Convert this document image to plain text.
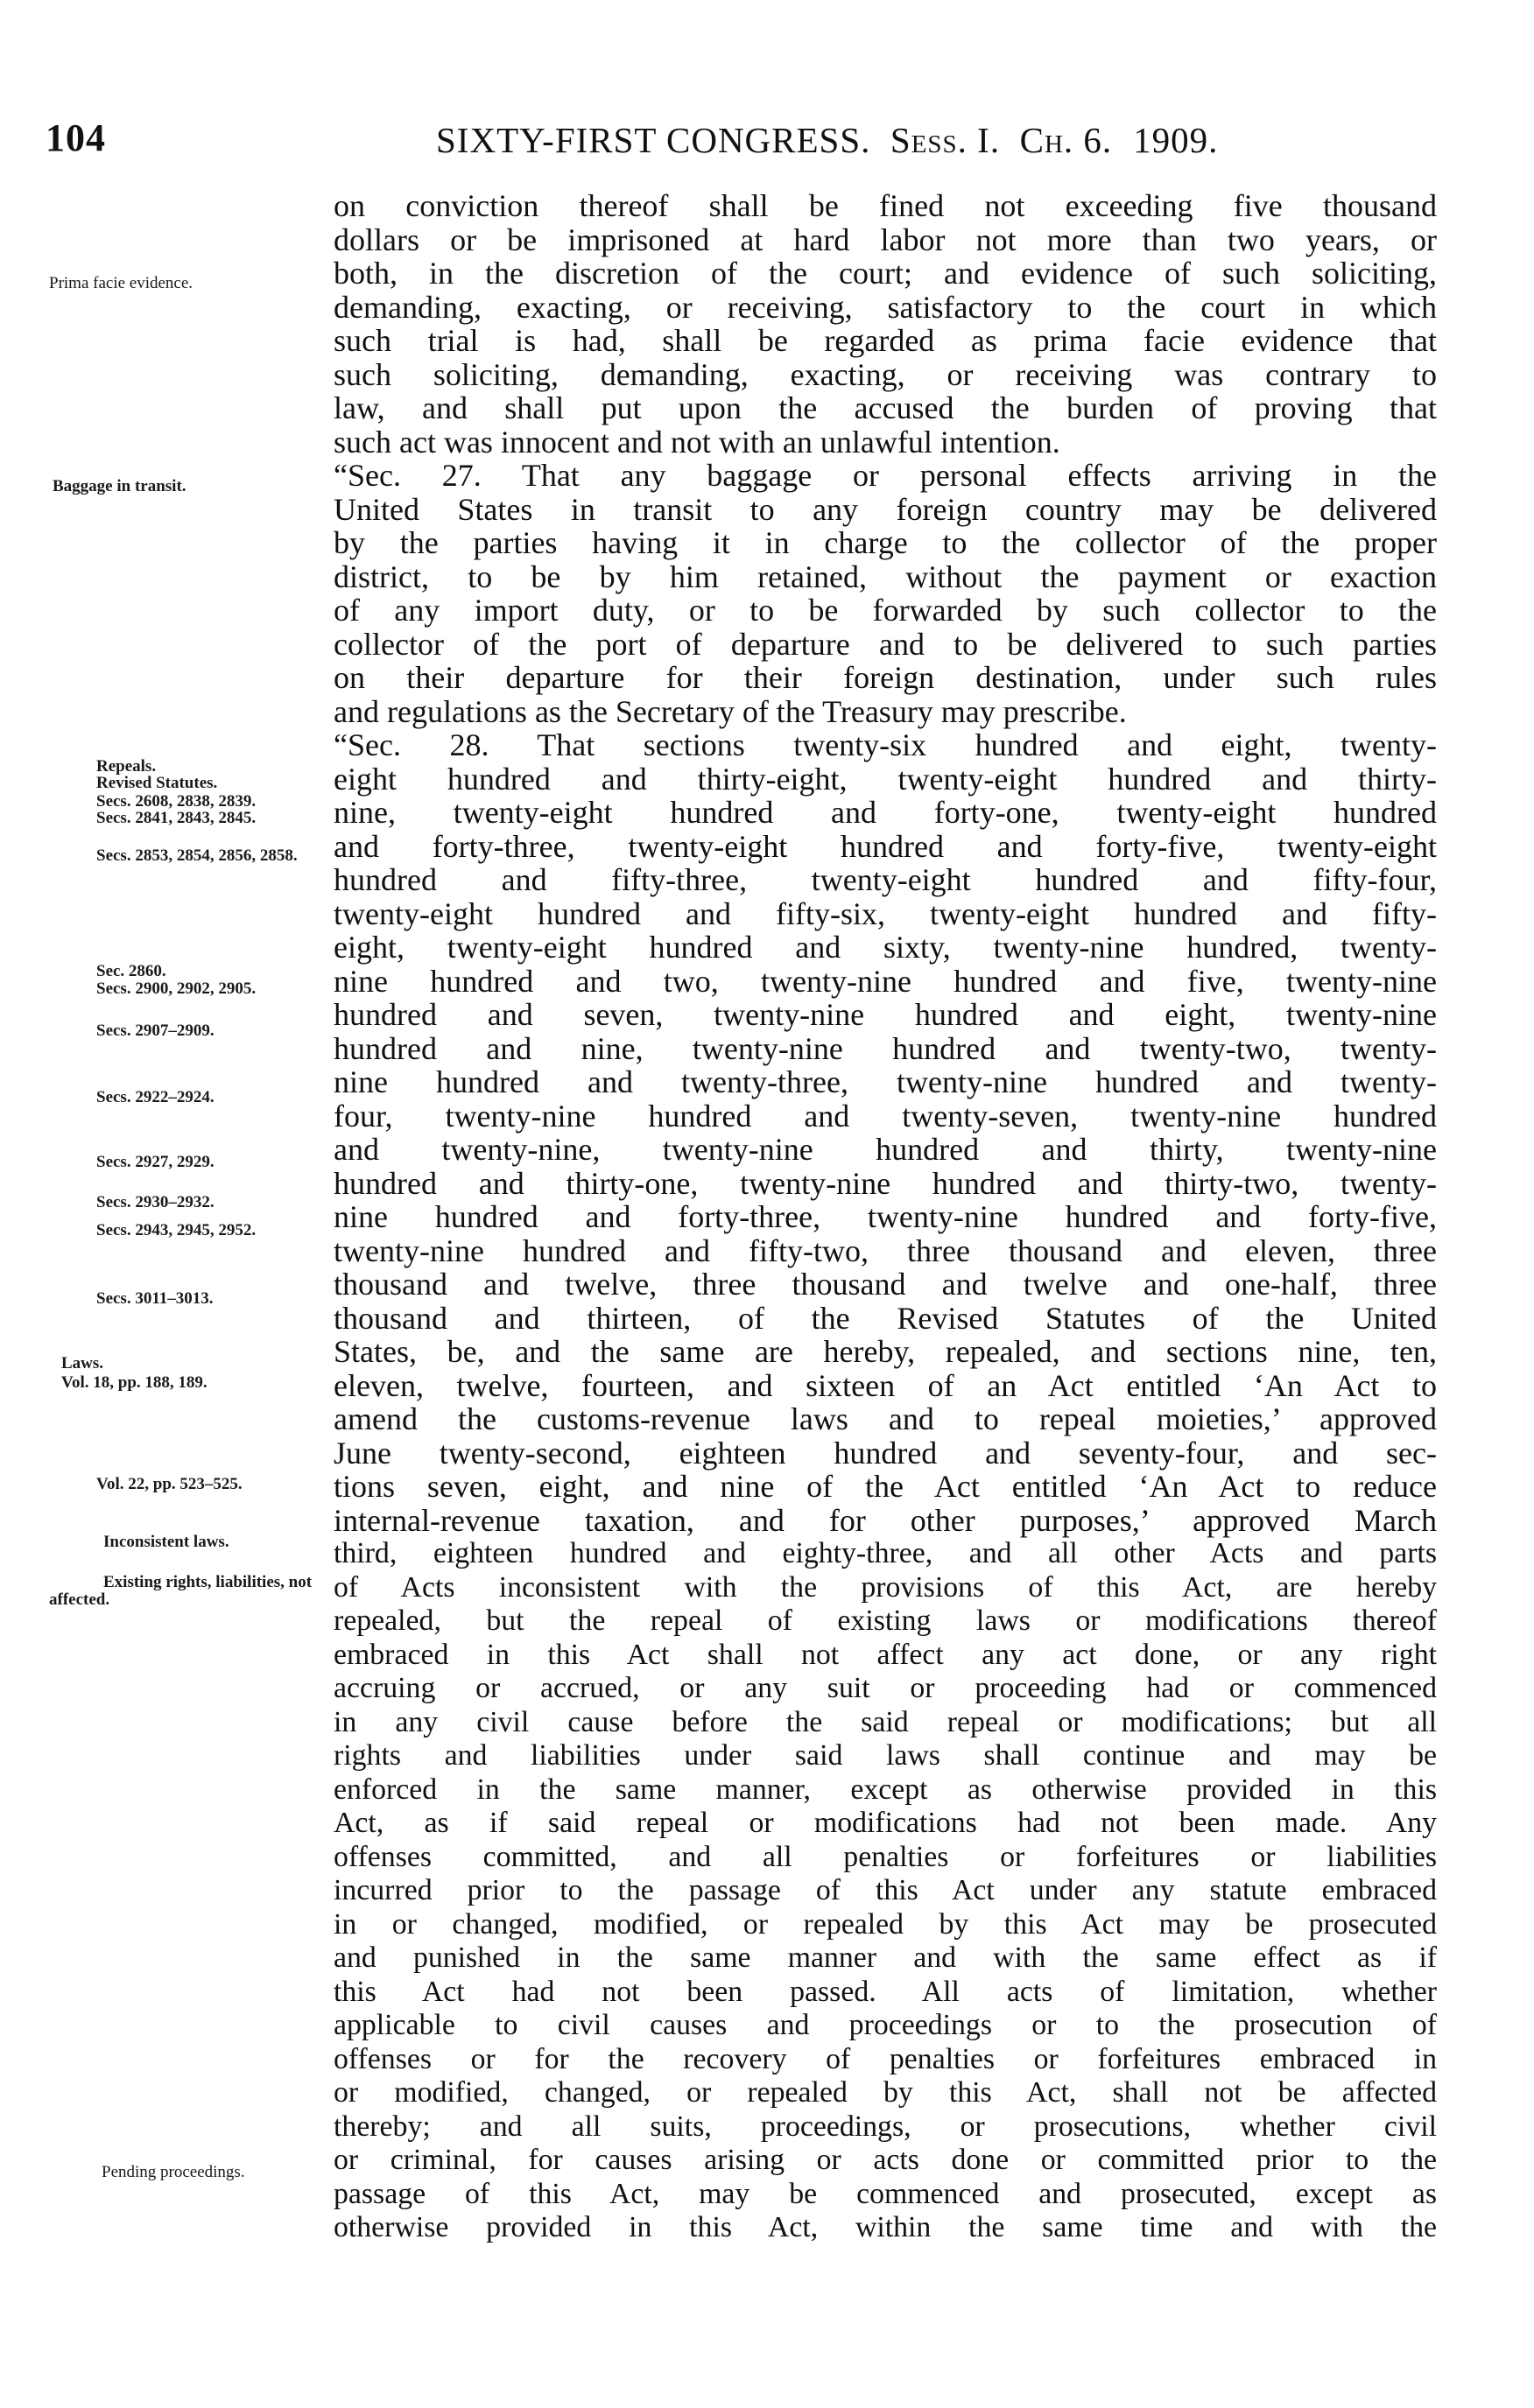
104	SIXTY-FIRST CONGRESS. Sess. I. Ch. 6. 1909.
Prima facie evidence.
Baggage in transit.
Repeals.
Revised Statutes.
Secs. 2608, 2838, 2839.
Secs. 2841, 2843, 2845.
Secs. 2853, 2854, 2856, 2858.
Sec. 2860.
Secs. 2900, 2902, 2905.
Secs. 2907–2909.
Secs. 2922–2924.
Secs. 2927, 2929.
Secs. 2930–2932.
Secs. 2943, 2945, 2952.
Secs. 3011–3013.
Laws.
Vol. 18, pp. 188, 189.
Vol. 22, pp. 523–525.
Inconsistent laws.
Existing rights, liabilities, not affected.
Pending proceedings.
on conviction thereof shall be fined not exceeding five thousand
dollars or be imprisoned at hard labor not more than two years, or
both, in the discretion of the court; and evidence of such soliciting,
demanding, exacting, or receiving, satisfactory to the court in which
such trial is had, shall be regarded as prima facie evidence that
such soliciting, demanding, exacting, or receiving was contrary to
law, and shall put upon the accused the burden of proving that
such act was innocent and not with an unlawful intention.
“Sec. 27. That any baggage or personal effects arriving in the
United States in transit to any foreign country may be delivered
by the parties having it in charge to the collector of the proper
district, to be by him retained, without the payment or exaction
of any import duty, or to be forwarded by such collector to the
collector of the port of departure and to be delivered to such parties
on their departure for their foreign destination, under such rules
and regulations as the Secretary of the Treasury may prescribe.
“Sec. 28. That sections twenty-six hundred and eight, twenty-
eight hundred and thirty-eight, twenty-eight hundred and thirty-
nine, twenty-eight hundred and forty-one, twenty-eight hundred
and forty-three, twenty-eight hundred and forty-five, twenty-eight
hundred and fifty-three, twenty-eight hundred and fifty-four,
twenty-eight hundred and fifty-six, twenty-eight hundred and fifty-
eight, twenty-eight hundred and sixty, twenty-nine hundred, twenty-
nine hundred and two, twenty-nine hundred and five, twenty-nine
hundred and seven, twenty-nine hundred and eight, twenty-nine
hundred and nine, twenty-nine hundred and twenty-two, twenty-
nine hundred and twenty-three, twenty-nine hundred and twenty-
four, twenty-nine hundred and twenty-seven, twenty-nine hundred
and twenty-nine, twenty-nine hundred and thirty, twenty-nine
hundred and thirty-one, twenty-nine hundred and thirty-two, twenty-
nine hundred and forty-three, twenty-nine hundred and forty-five,
twenty-nine hundred and fifty-two, three thousand and eleven, three
thousand and twelve, three thousand and twelve and one-half, three
thousand and thirteen, of the Revised Statutes of the United
States, be, and the same are hereby, repealed, and sections nine, ten,
eleven, twelve, fourteen, and sixteen of an Act entitled ‘An Act to
amend the customs-revenue laws and to repeal moieties,’ approved
June twenty-second, eighteen hundred and seventy-four, and sec-
tions seven, eight, and nine of the Act entitled ‘An Act to reduce
internal-revenue taxation, and for other purposes,’ approved March
third, eighteen hundred and eighty-three, and all other Acts and parts
of Acts inconsistent with the provisions of this Act, are hereby
repealed, but the repeal of existing laws or modifications thereof
embraced in this Act shall not affect any act done, or any right
accruing or accrued, or any suit or proceeding had or commenced
in any civil cause before the said repeal or modifications; but all
rights and liabilities under said laws shall continue and may be
enforced in the same manner, except as otherwise provided in this
Act, as if said repeal or modifications had not been made. Any
offenses committed, and all penalties or forfeitures or liabilities
incurred prior to the passage of this Act under any statute embraced
in or changed, modified, or repealed by this Act may be prosecuted
and punished in the same manner and with the same effect as if
this Act had not been passed. All acts of limitation, whether
applicable to civil causes and proceedings or to the prosecution of
offenses or for the recovery of penalties or forfeitures embraced in
or modified, changed, or repealed by this Act, shall not be affected
thereby; and all suits, proceedings, or prosecutions, whether civil
or criminal, for causes arising or acts done or committed prior to the
passage of this Act, may be commenced and prosecuted, except as
otherwise provided in this Act, within the same time and with the
